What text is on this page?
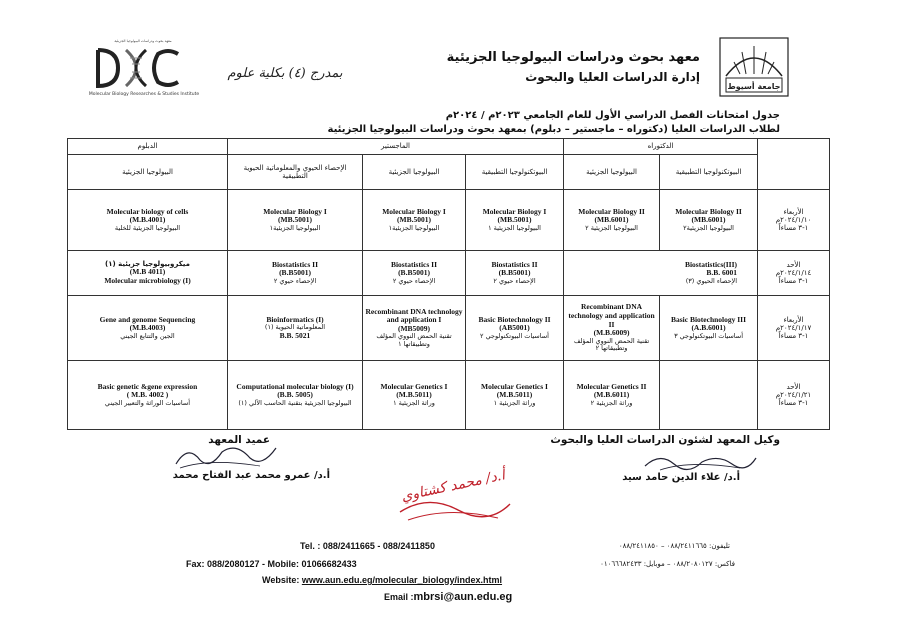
جامعة أسيوط
معهد بحوث ودراسات البيولوجيا الجزيئية
Molecular Biology Researches & Studies Institute
معهد بحوث ودراسات البيولوجيا الجزيئية
إدارة الدراسات العليا والبحوث
بمدرج (٤) بكلية علوم
جدول امتحانات الفصل الدراسي الأول للعام الجامعي ٢٠٢٣م / ٢٠٢٤م
لطلاب الدراسات العليا (دكتوراه – ماجستير – دبلوم) بمعهد بحوث ودراسات البيولوجيا الجزيئية
الدبلوم	الماجستير			الدكتوراه		
البيولوجيا الجزيئية	الإحصاء الحيوي والمعلوماتية الحيوية التطبيقية	البيولوجيا الجزيئية	البيوتكنولوجيا التطبيقية	البيولوجيا الجزيئية	البيوتكنولوجيا التطبيقية	

Molecular biology of cells
(M.B.4001)
البيولوجيا الجزيئية للخلية	Molecular Biology I
(MB.5001)
البيولوجيا الجزيئية١	Molecular Biology I
(MB.5001)
البيولوجيا الجزيئية١	Molecular Biology I
(MB.5001)
البيولوجيا الجزيئية ١	Molecular Biology II
(MB.6001)
البيولوجيا الجزيئية ٢	Molecular Biology II
(MB.6001)
البيولوجيا الجزيئية٢	الأربعاء
٢٠٢٤/١/١٠م
١-٣ مساءاً

ميكروبيولوجيا جزيئية (١)
(M.B 4011)
Molecular microbiology (I)	Biostatistics II
(B.B5001)
الإحصاء حيوي ٢	Biostatistics II
(B.B5001)
الإحصاء حيوي ٢	Biostatistics II
(B.B5001)
الإحصاء حيوي ٢	Biostatistics(III)
B.B. 6001
الإحصاء الحيوي (٣)		الأحد
٢٠٢٤/١/١٤م
١-٣ مساءاً

Gene and genome Sequencing
(M.B.4003)
الجين والتتابع الجيني	Bioinformatics (I)
المعلوماتية الحيوية (١)
B.B. 5021	Recombinant DNA technology and application I
(MB5009)
تقنية الحمض النووي المؤلف وتطبيقاتها ١	Basic Biotechnology II
(AB5001)
أساسيات البيوتكنولوجي ٢	Recombinant DNA technology and application II
(M.B.6009)
تقنية الحمض النووي المؤلف وتطبيقاتها ٢	Basic Biotechnology III
(A.B.6001)
أساسيات البيوتكنولوجي ٣	الأربعاء
٢٠٢٤/١/١٧م
١-٣ مساءاً

Basic genetic &gene expression
( M.B. 4002 )
أساسيات الوراثة والتعبير الجيني	Computational molecular biology (I)
(B.B. 5005)
البيولوجيا الجزيئية بتقنية الحاسب الآلي (١)	Molecular Genetics I
(M.B.5011)
وراثة الجزيئية ١	Molecular Genetics I
(M.B.5011)
وراثة الجزيئية ١	Molecular Genetics II
(M.B.6011)
وراثة الجزيئية ٢		الأحد
٢٠٢٤/١/٢١م
١-٣ مساءاً
وكيل المعهد لشئون الدراسات العليا والبحوث
أ.د/ علاء الدين حامد سيد
عميد المعهد
أ.د/ عمرو محمد عبد الفتاح محمد	أ.د/ محمد كشتاوي
Tel. : 088/2411665 - 088/2411850	تليفون: ٠٨٨/٢٤١١٦٦٥ – ٠٨٨/٢٤١١٨٥٠
Fax: 088/2080127 - Mobile: 01066682433	فاكس: ٠٨٨/٢٠٨٠١٢٧ – موبايل: ٠١٠٦٦٦٨٢٤٣٣
Website: www.aun.edu.eg/molecular_biology/index.html
Email :mbrsi@aun.edu.eg
